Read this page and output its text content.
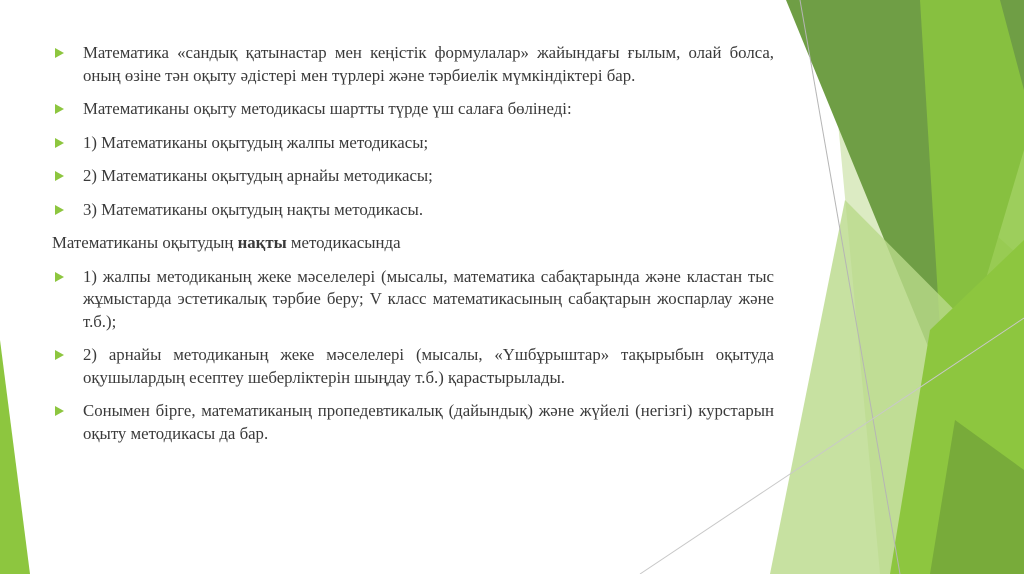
Математика «сандық қатынастар мен кеңістік формулалар» жайындағы ғылым, олай болса, оның өзіне тән оқыту әдістері мен түрлері және тәрбиелік мүмкіндіктері бар.
Математиканы оқыту методикасы шартты түрде үш салаға бөлінеді:
1) Математиканы оқытудың жалпы методикасы;
2) Математиканы оқытудың арнайы методикасы;
3) Математиканы оқытудың нақты методикасы.
Математиканы оқытудың нақты методикасында
1) жалпы методиканың жеке мәселелері (мысалы, математика сабақтарында және кластан тыс жұмыстарда эстетикалық тәрбие беру; V класс математикасының сабақтарын жоспарлау және т.б.);
2) арнайы методиканың жеке мәселелері (мысалы, «Үшбұрыштар» тақырыбын оқытуда оқушылардың есептеу шеберліктерін шыңдау т.б.) қарастырылады.
Сонымен бірге, математиканың пропедевтикалық (дайындық) және жүйелі (негізгі) курстарын оқыту методикасы да бар.
